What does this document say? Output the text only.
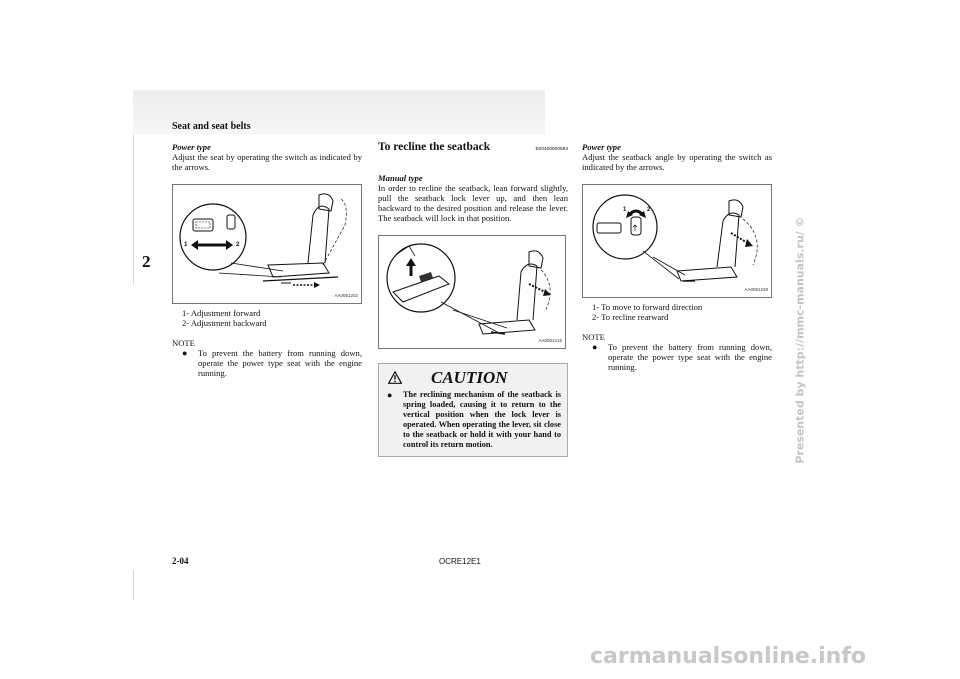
Seat and seat belts
2
Power type

Adjust the seat by operating the switch as indicated by the arrows.

1	2
AA0051202
1- Adjustment forward
2- Adjustment backward
NOTE
●	To prevent the battery from running down, operate the power type seat with the engine running.
To recline the seatback	E00400600593
Manual type

In order to recline the seatback, lean forward slightly, pull the seatback lock lever up, and then lean backward to the desired position and release the lever. The seatback will lock in that position.

AA0051215
CAUTION
●	The reclining mechanism of the seatback is spring loaded, causing it to return to the vertical position when the lock lever is operated. When operating the lever, sit close to the seatback or hold it with your hand to control its return motion.
Power type

Adjust the seatback angle by operating the switch as indicated by the arrows.

1	2
AA0051228
1- To move to forward direction
2- To recline rearward
NOTE
●	To prevent the battery from running down, operate the power type seat with the engine running.
2-04	OCRE12E1
Presented by http://mmc-manuals.ru/ ©
carmanualsonline.info
